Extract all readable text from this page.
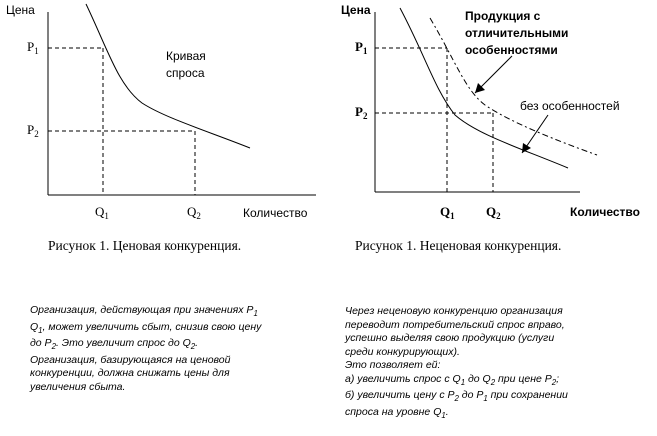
Цена
Количество
$P_1$
$P_2$
$Q_1$	$Q_2$
Кривая
спроса
Цена
Количество
$P_1$
$P_2$
$Q_1$ $Q_2$
Продукция с
отличительными
особенностями
без особенностей
Рисунок 1. Ценовая конкуренция.	Рисунок 1. Неценовая конкуренция.

Организация, действующая при значениях $P_1$

$Q_1$, может увеличить сбыт, снизив свою цену

до $P_2$. Это увеличит спрос до $Q_2$.

Организация, базирующаяся на ценовой

конкуренции, должна снижать цены для

увеличения сбыта.

Через неценовую конкуренцию организация

переводит потребительский спрос вправо,

успешно выделяя свою продукцию (услуги

среди конкурирующих).

Это позволяет ей:

а) увеличить спрос с $Q_1$ до $Q_2$ при цене $P_2$;

б) увеличить цену с $P_2$ до $P_1$ при сохранении

спроса на уровне $Q_1$.
